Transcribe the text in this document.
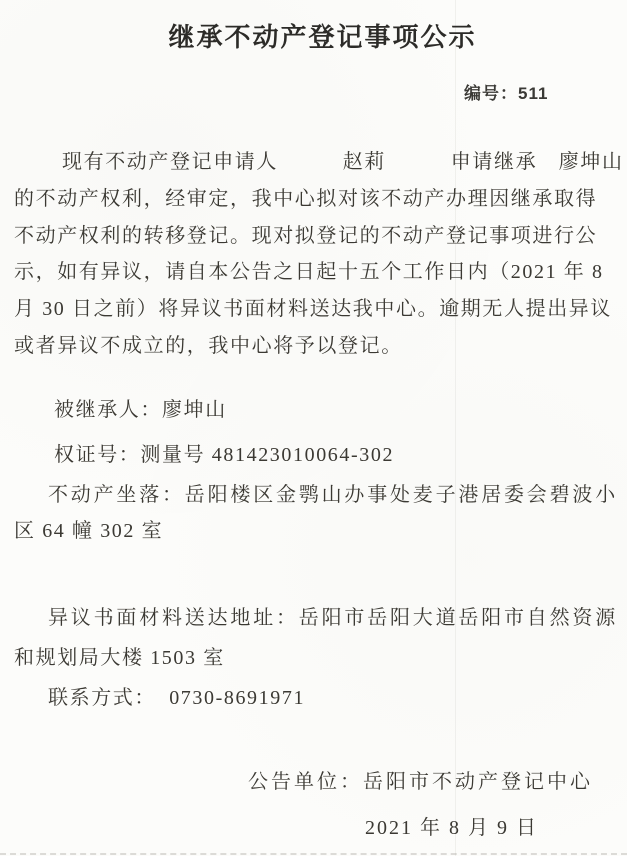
继承不动产登记事项公示
编号：511
现有不动产登记申请人　　　赵莉　　　申请继承　廖坤山
的不动产权利，经审定，我中心拟对该不动产办理因继承取得
不动产权利的转移登记。现对拟登记的不动产登记事项进行公
示，如有异议，请自本公告之日起十五个工作日内（2021 年 8
月 30 日之前）将异议书面材料送达我中心。逾期无人提出异议
或者异议不成立的，我中心将予以登记。
被继承人：廖坤山
权证号：测量号 481423010064-302
不动产坐落：岳阳楼区金鹗山办事处麦子港居委会碧波小
区 64 幢 302 室
异议书面材料送达地址：岳阳市岳阳大道岳阳市自然资源
和规划局大楼 1503 室
联系方式：  0730-8691971
公告单位：岳阳市不动产登记中心
2021 年 8 月 9 日
